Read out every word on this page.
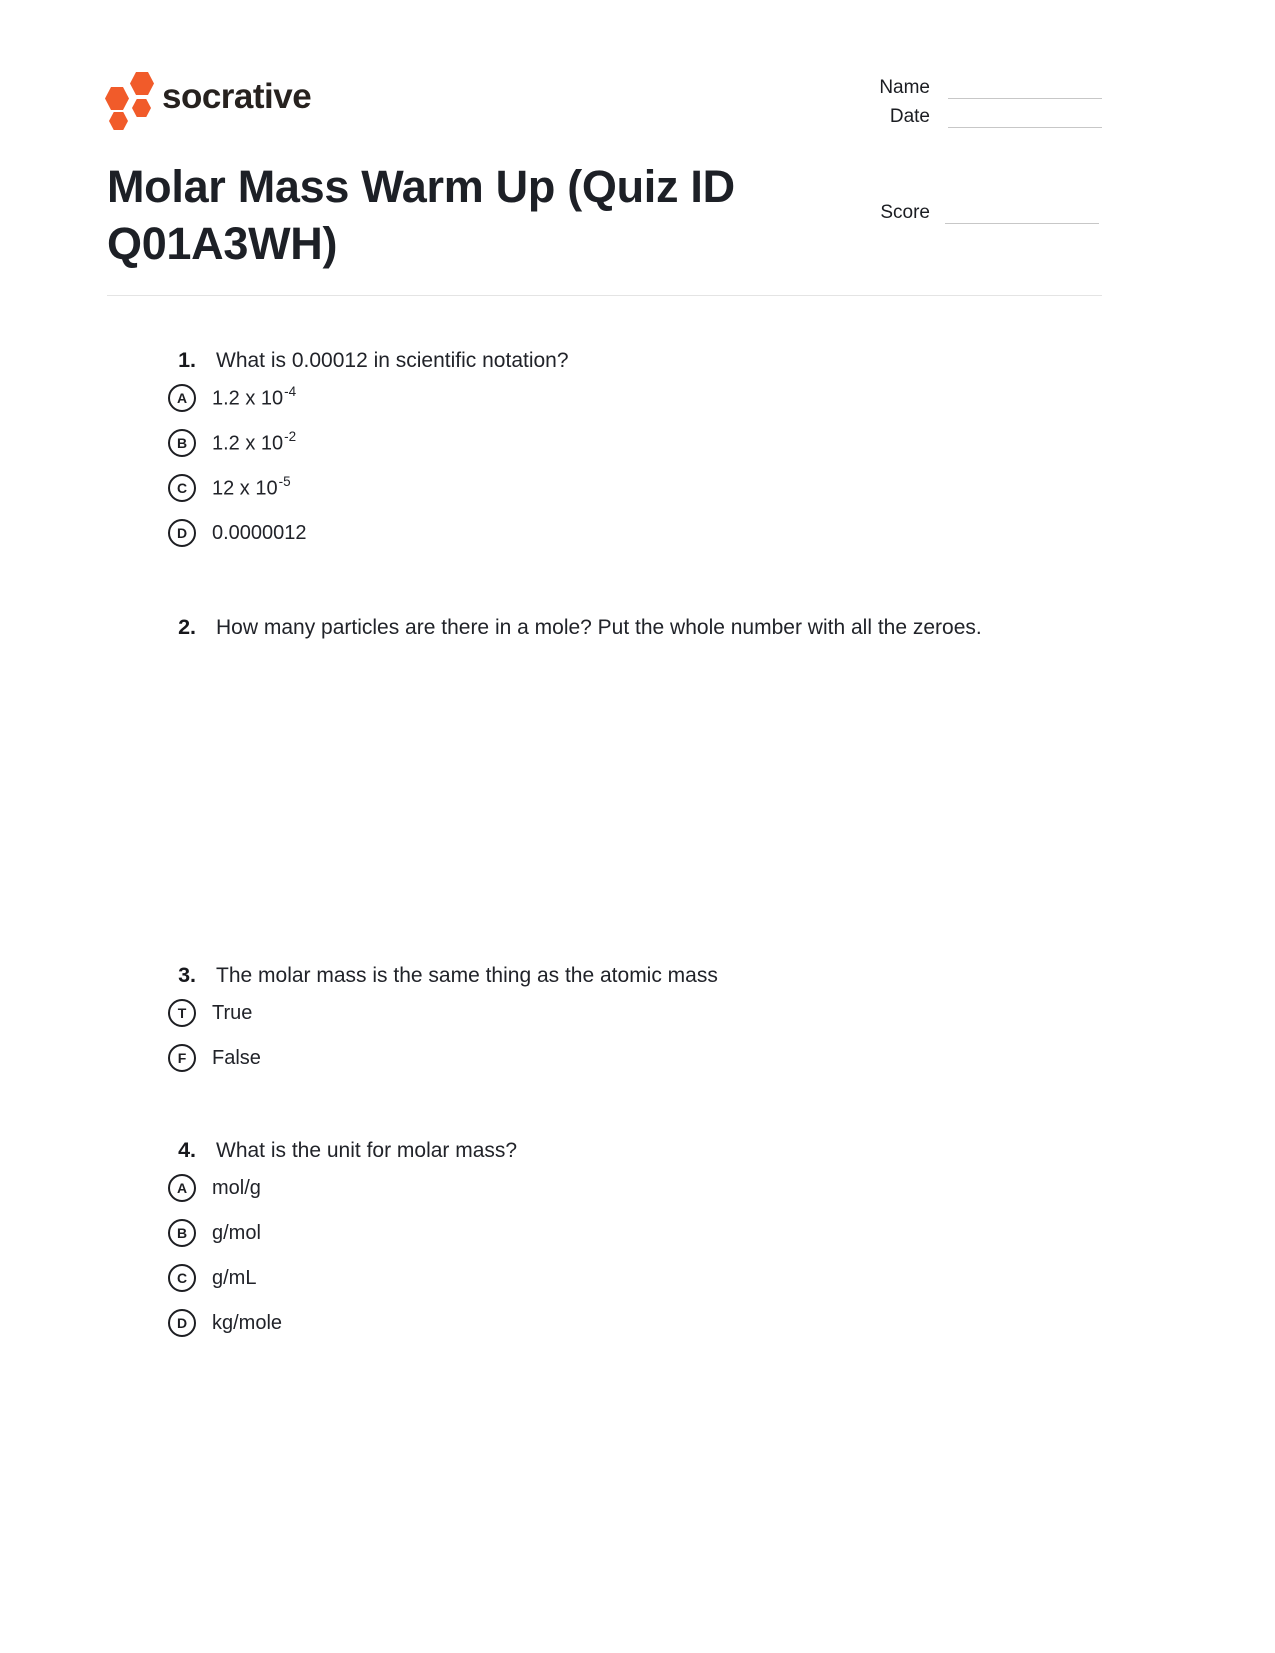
socrative	Name
Date
Score
Molar Mass Warm Up (Quiz ID Q01A3WH)
1. What is 0.00012 in scientific notation?
A	1.2 x $10^{-4}$
B	1.2 x $10^{-2}$
C	12 x $10^{-5}$
D	0.0000012
2. How many particles are there in a mole? Put the whole number with all the zeroes.
3. The molar mass is the same thing as the atomic mass
T	True
F	False
4. What is the unit for molar mass?
A	mol/g
B	g/mol
C	g/mL
D	kg/mole
